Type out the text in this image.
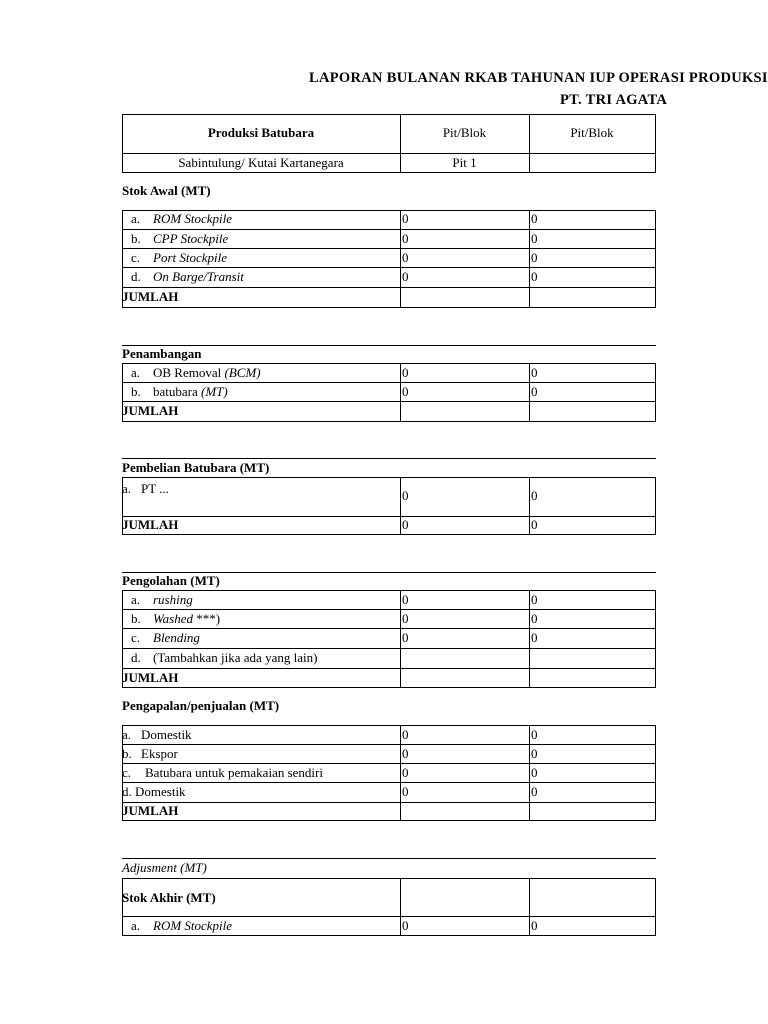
LAPORAN BULANAN RKAB TAHUNAN IUP OPERASI PRODUKSI
PT. TRI AGATA
Produksi Batubara	Pit/Blok	Pit/Blok
Sabintulung/ Kutai Kartanegara	Pit 1
Stok Awal (MT)
a. ROM Stockpile	0	0
b. CPP Stockpile	0	0
c. Port Stockpile	0	0
d. On Barge/Transit	0	0
JUMLAH
Penambangan
a. OB Removal (BCM)	0	0
b. batubara (MT)	0	0
JUMLAH
Pembelian Batubara (MT)
a. PT ...	0	0
JUMLAH	0	0
Pengolahan (MT)
a. rushing	0	0
b. Washed ***)	0	0
c. Blending	0	0
d. (Tambahkan jika ada yang lain)
JUMLAH
Pengapalan/penjualan (MT)
a. Domestik	0	0
b. Ekspor	0	0
c. Batubara untuk pemakaian sendiri	0	0
d. Domestik	0	0
JUMLAH
Adjusment (MT)
Stok Akhir (MT)
a. ROM Stockpile	0	0
